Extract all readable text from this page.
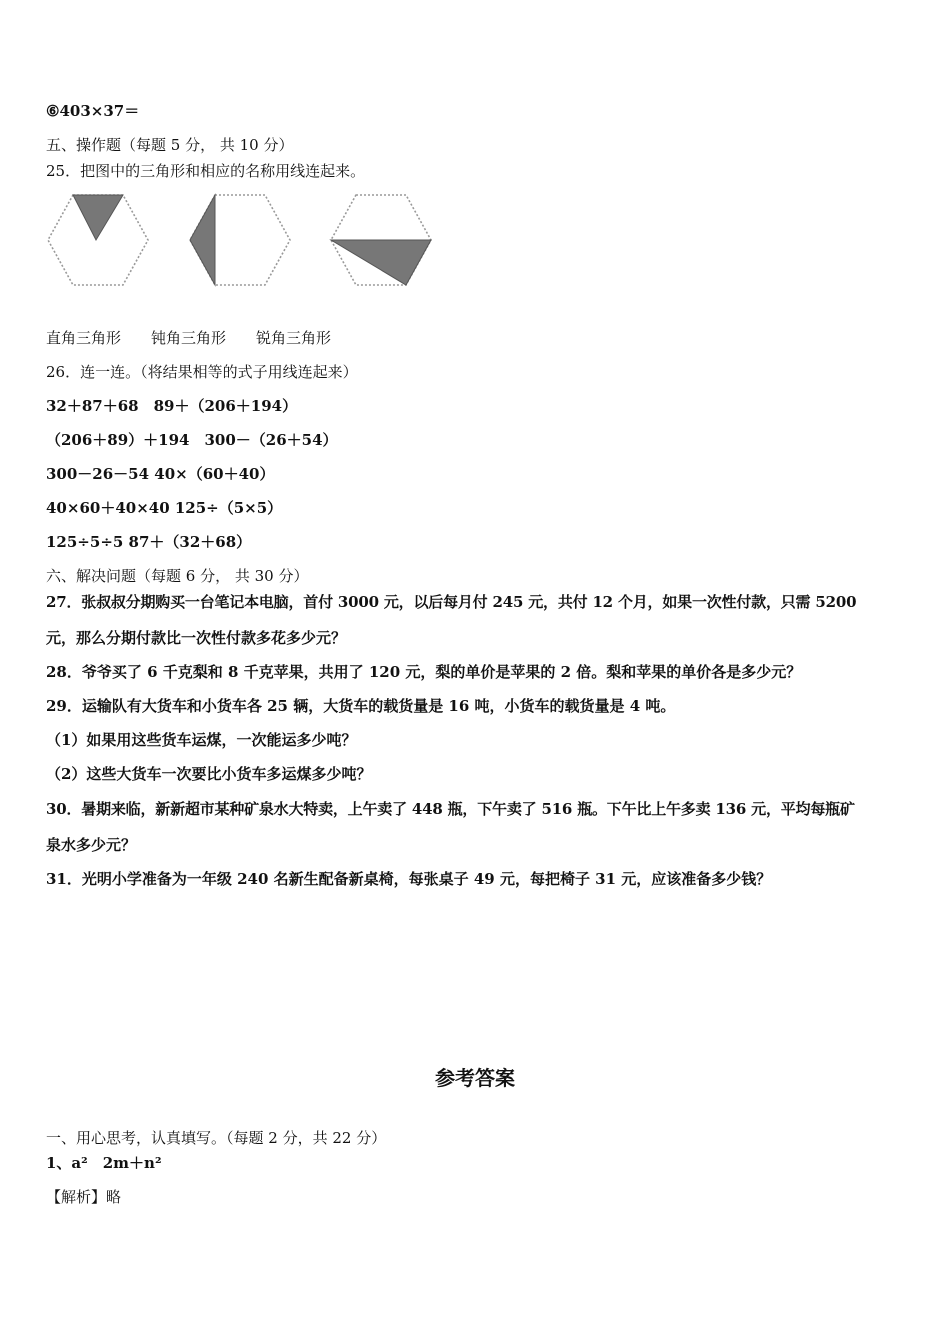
⑥403×37＝
五、操作题（每题 5 分， 共 10 分）
25．把图中的三角形和相应的名称用线连起来。
直角三角形　　钝角三角形　　锐角三角形
26．连一连。（将结果相等的式子用线连起来）
32＋87＋68　89＋（206＋194）
（206＋89）＋194　300－（26＋54）
300－26－54 40×（60＋40）
40×60＋40×40 125÷（5×5）
125÷5÷5 87＋（32＋68）
六、解决问题（每题 6 分， 共 30 分）
27．张叔叔分期购买一台笔记本电脑，首付 3000 元，以后每月付 245 元，共付 12 个月，如果一次性付款，只需 5200
元，那么分期付款比一次性付款多花多少元？
28．爷爷买了 6 千克梨和 8 千克苹果，共用了 120 元，梨的单价是苹果的 2 倍。梨和苹果的单价各是多少元？
29．运输队有大货车和小货车各 25 辆，大货车的载货量是 16 吨，小货车的载货量是 4 吨。
（1）如果用这些货车运煤，一次能运多少吨？
（2）这些大货车一次要比小货车多运煤多少吨？
30．暑期来临，新新超市某种矿泉水大特卖，上午卖了 448 瓶，下午卖了 516 瓶。下午比上午多卖 136 元，平均每瓶矿
泉水多少元？
31．光明小学准备为一年级 240 名新生配备新桌椅，每张桌子 49 元，每把椅子 31 元，应该准备多少钱？
参考答案
一、用心思考，认真填写。（每题 2 分，共 22 分）
1、a²　2m＋n²
【解析】略
